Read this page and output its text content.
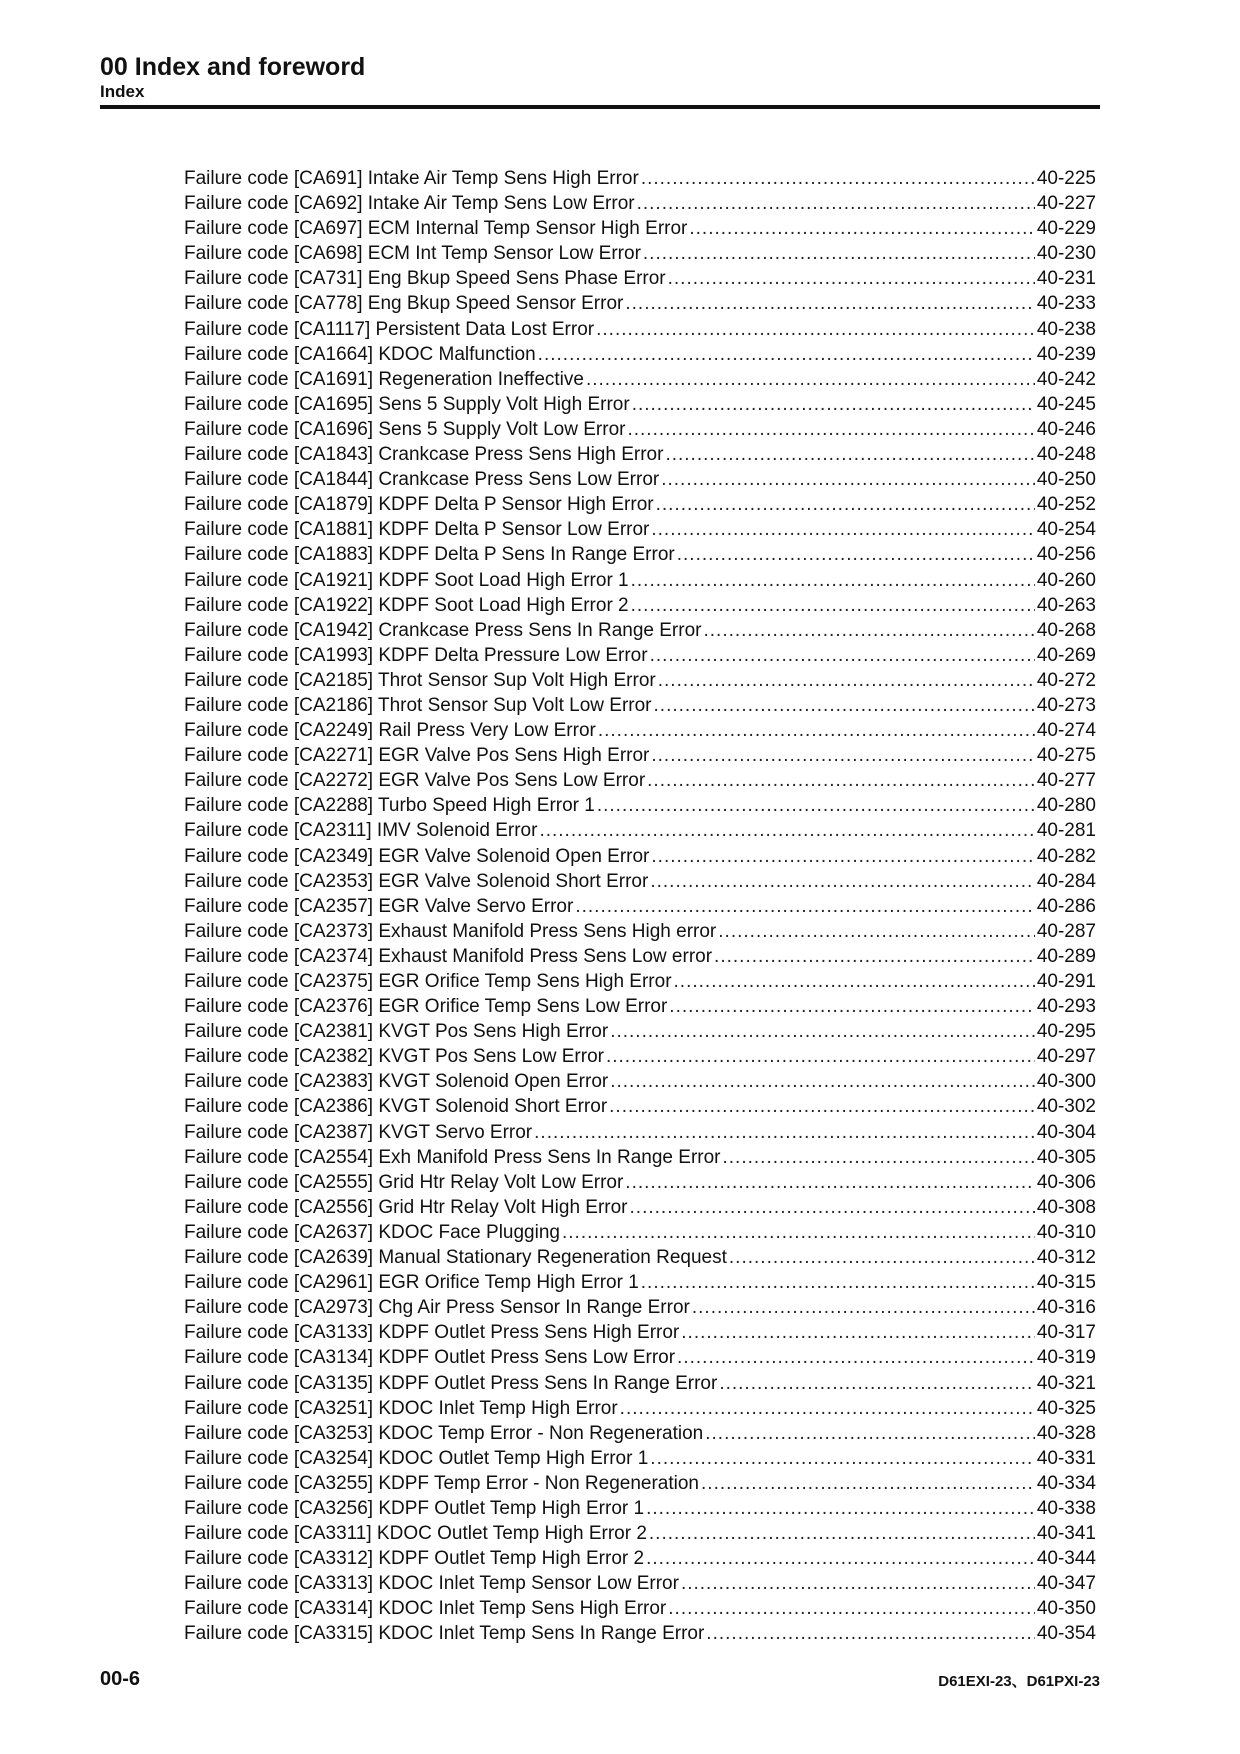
00 Index and foreword
Index
Failure code [CA691] Intake Air Temp Sens High Error .....	40-225
Failure code [CA692] Intake Air Temp Sens Low Error .....	40-227
Failure code [CA697] ECM Internal Temp Sensor High Error .....	40-229
Failure code [CA698] ECM Int Temp Sensor Low Error .....	40-230
Failure code [CA731] Eng Bkup Speed Sens Phase Error .....	40-231
Failure code [CA778] Eng Bkup Speed Sensor Error .....	40-233
Failure code [CA1117] Persistent Data Lost Error .....	40-238
Failure code [CA1664] KDOC Malfunction .....	40-239
Failure code [CA1691] Regeneration Ineffective .....	40-242
Failure code [CA1695] Sens 5 Supply Volt High Error .....	40-245
Failure code [CA1696] Sens 5 Supply Volt Low Error .....	40-246
Failure code [CA1843] Crankcase Press Sens High Error .....	40-248
Failure code [CA1844] Crankcase Press Sens Low Error .....	40-250
Failure code [CA1879] KDPF Delta P Sensor High Error .....	40-252
Failure code [CA1881] KDPF Delta P Sensor Low Error .....	40-254
Failure code [CA1883] KDPF Delta P Sens In Range Error .....	40-256
Failure code [CA1921] KDPF Soot Load High Error 1 .....	40-260
Failure code [CA1922] KDPF Soot Load High Error 2 .....	40-263
Failure code [CA1942] Crankcase Press Sens In Range Error .....	40-268
Failure code [CA1993] KDPF Delta Pressure Low Error .....	40-269
Failure code [CA2185] Throt Sensor Sup Volt High Error .....	40-272
Failure code [CA2186] Throt Sensor Sup Volt Low Error .....	40-273
Failure code [CA2249] Rail Press Very Low Error .....	40-274
Failure code [CA2271] EGR Valve Pos Sens High Error .....	40-275
Failure code [CA2272] EGR Valve Pos Sens Low Error .....	40-277
Failure code [CA2288] Turbo Speed High Error 1 .....	40-280
Failure code [CA2311] IMV Solenoid Error .....	40-281
Failure code [CA2349] EGR Valve Solenoid Open Error .....	40-282
Failure code [CA2353] EGR Valve Solenoid Short Error .....	40-284
Failure code [CA2357] EGR Valve Servo Error .....	40-286
Failure code [CA2373] Exhaust Manifold Press Sens High error .....	40-287
Failure code [CA2374] Exhaust Manifold Press Sens Low error .....	40-289
Failure code [CA2375] EGR Orifice Temp Sens High Error .....	40-291
Failure code [CA2376] EGR Orifice Temp Sens Low Error .....	40-293
Failure code [CA2381] KVGT Pos Sens High Error .....	40-295
Failure code [CA2382] KVGT Pos Sens Low Error .....	40-297
Failure code [CA2383] KVGT Solenoid Open Error .....	40-300
Failure code [CA2386] KVGT Solenoid Short Error .....	40-302
Failure code [CA2387] KVGT Servo Error .....	40-304
Failure code [CA2554] Exh Manifold Press Sens In Range Error .....	40-305
Failure code [CA2555] Grid Htr Relay Volt Low Error .....	40-306
Failure code [CA2556] Grid Htr Relay Volt High Error .....	40-308
Failure code [CA2637] KDOC Face Plugging .....	40-310
Failure code [CA2639] Manual Stationary Regeneration Request .....	40-312
Failure code [CA2961] EGR Orifice Temp High Error 1 .....	40-315
Failure code [CA2973] Chg Air Press Sensor In Range Error .....	40-316
Failure code [CA3133] KDPF Outlet Press Sens High Error .....	40-317
Failure code [CA3134] KDPF Outlet Press Sens Low Error .....	40-319
Failure code [CA3135] KDPF Outlet Press Sens In Range Error .....	40-321
Failure code [CA3251] KDOC Inlet Temp High Error .....	40-325
Failure code [CA3253] KDOC Temp Error - Non Regeneration .....	40-328
Failure code [CA3254] KDOC Outlet Temp High Error 1 .....	40-331
Failure code [CA3255] KDPF Temp Error - Non Regeneration .....	40-334
Failure code [CA3256] KDPF Outlet Temp High Error 1 .....	40-338
Failure code [CA3311] KDOC Outlet Temp High Error 2 .....	40-341
Failure code [CA3312] KDPF Outlet Temp High Error 2 .....	40-344
Failure code [CA3313] KDOC Inlet Temp Sensor Low Error .....	40-347
Failure code [CA3314] KDOC Inlet Temp Sens High Error .....	40-350
Failure code [CA3315] KDOC Inlet Temp Sens In Range Error .....	40-354
00-6	D61EXI-23、D61PXI-23
